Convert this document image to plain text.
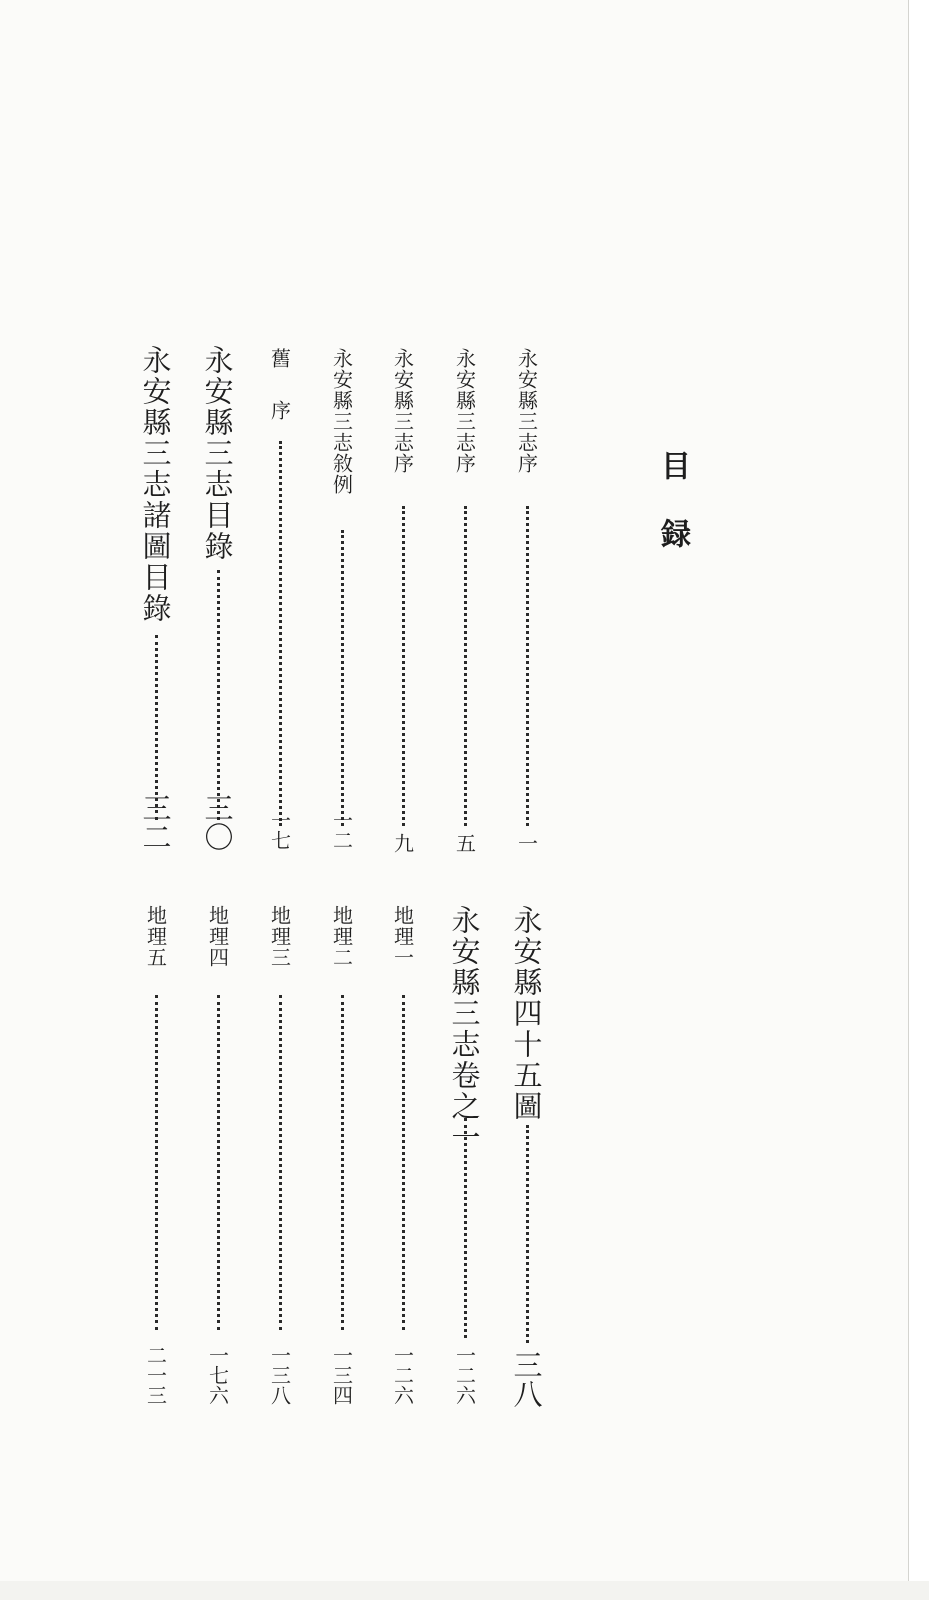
目録
永安縣三志序
一
永安縣三志序
五
永安縣三志序
九
永安縣三志敘例
一二
舊　序
一七
永安縣三志目錄
三〇
永安縣三志諸圖目錄
三二
永安縣四十五圖
三八
永安縣三志卷之一
一二六
地理一
一二六
地理二
一三四
地理三
一三八
地理四
一七六
地理五
二一三
